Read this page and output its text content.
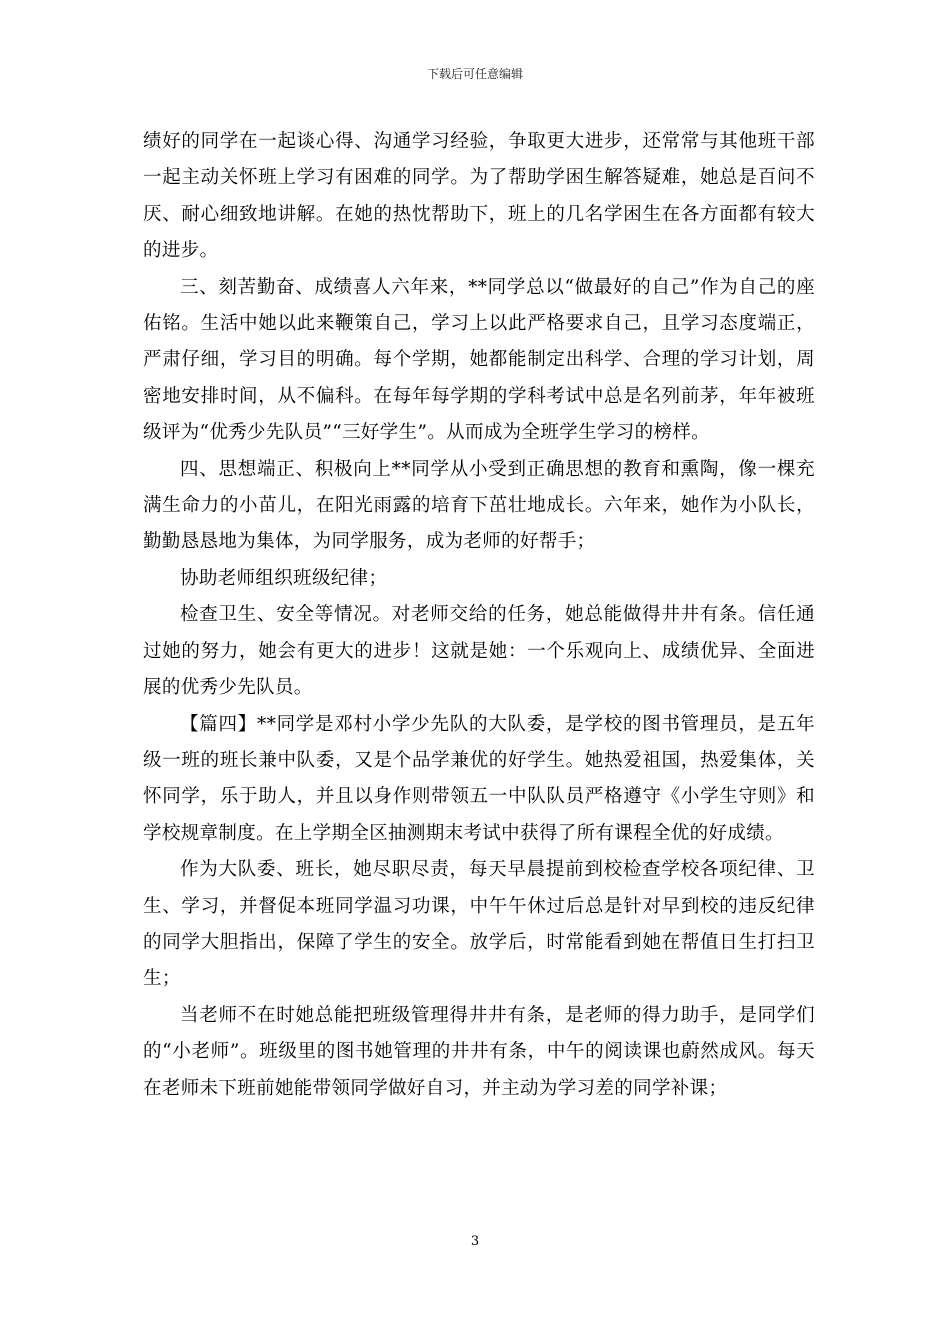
下载后可任意编辑

绩好的同学在一起谈心得、沟通学习经验，争取更大进步，还常常与其他班干部一起主动关怀班上学习有困难的同学。为了帮助学困生解答疑难，她总是百问不厌、耐心细致地讲解。在她的热忱帮助下，班上的几名学困生在各方面都有较大的进步。

三、刻苦勤奋、成绩喜人六年来，**同学总以“做最好的自己”作为自己的座佑铭。生活中她以此来鞭策自己，学习上以此严格要求自己，且学习态度端正，严肃仔细，学习目的明确。每个学期，她都能制定出科学、合理的学习计划，周密地安排时间，从不偏科。在每年每学期的学科考试中总是名列前茅，年年被班级评为“优秀少先队员”“三好学生”。从而成为全班学生学习的榜样。

四、思想端正、积极向上**同学从小受到正确思想的教育和熏陶，像一棵充满生命力的小苗儿，在阳光雨露的培育下茁壮地成长。六年来，她作为小队长，勤勤恳恳地为集体，为同学服务，成为老师的好帮手；

协助老师组织班级纪律；

检查卫生、安全等情况。对老师交给的任务，她总能做得井井有条。信任通过她的努力，她会有更大的进步！这就是她：一个乐观向上、成绩优异、全面进展的优秀少先队员。

【篇四】**同学是邓村小学少先队的大队委，是学校的图书管理员，是五年级一班的班长兼中队委，又是个品学兼优的好学生。她热爱祖国，热爱集体，关怀同学，乐于助人，并且以身作则带领五一中队队员严格遵守《小学生守则》和学校规章制度。在上学期全区抽测期末考试中获得了所有课程全优的好成绩。

作为大队委、班长，她尽职尽责，每天早晨提前到校检查学校各项纪律、卫生、学习，并督促本班同学温习功课，中午午休过后总是针对早到校的违反纪律的同学大胆指出，保障了学生的安全。放学后，时常能看到她在帮值日生打扫卫生；

当老师不在时她总能把班级管理得井井有条，是老师的得力助手，是同学们的“小老师”。班级里的图书她管理的井井有条，中午的阅读课也蔚然成风。每天在老师未下班前她能带领同学做好自习，并主动为学习差的同学补课；

3
